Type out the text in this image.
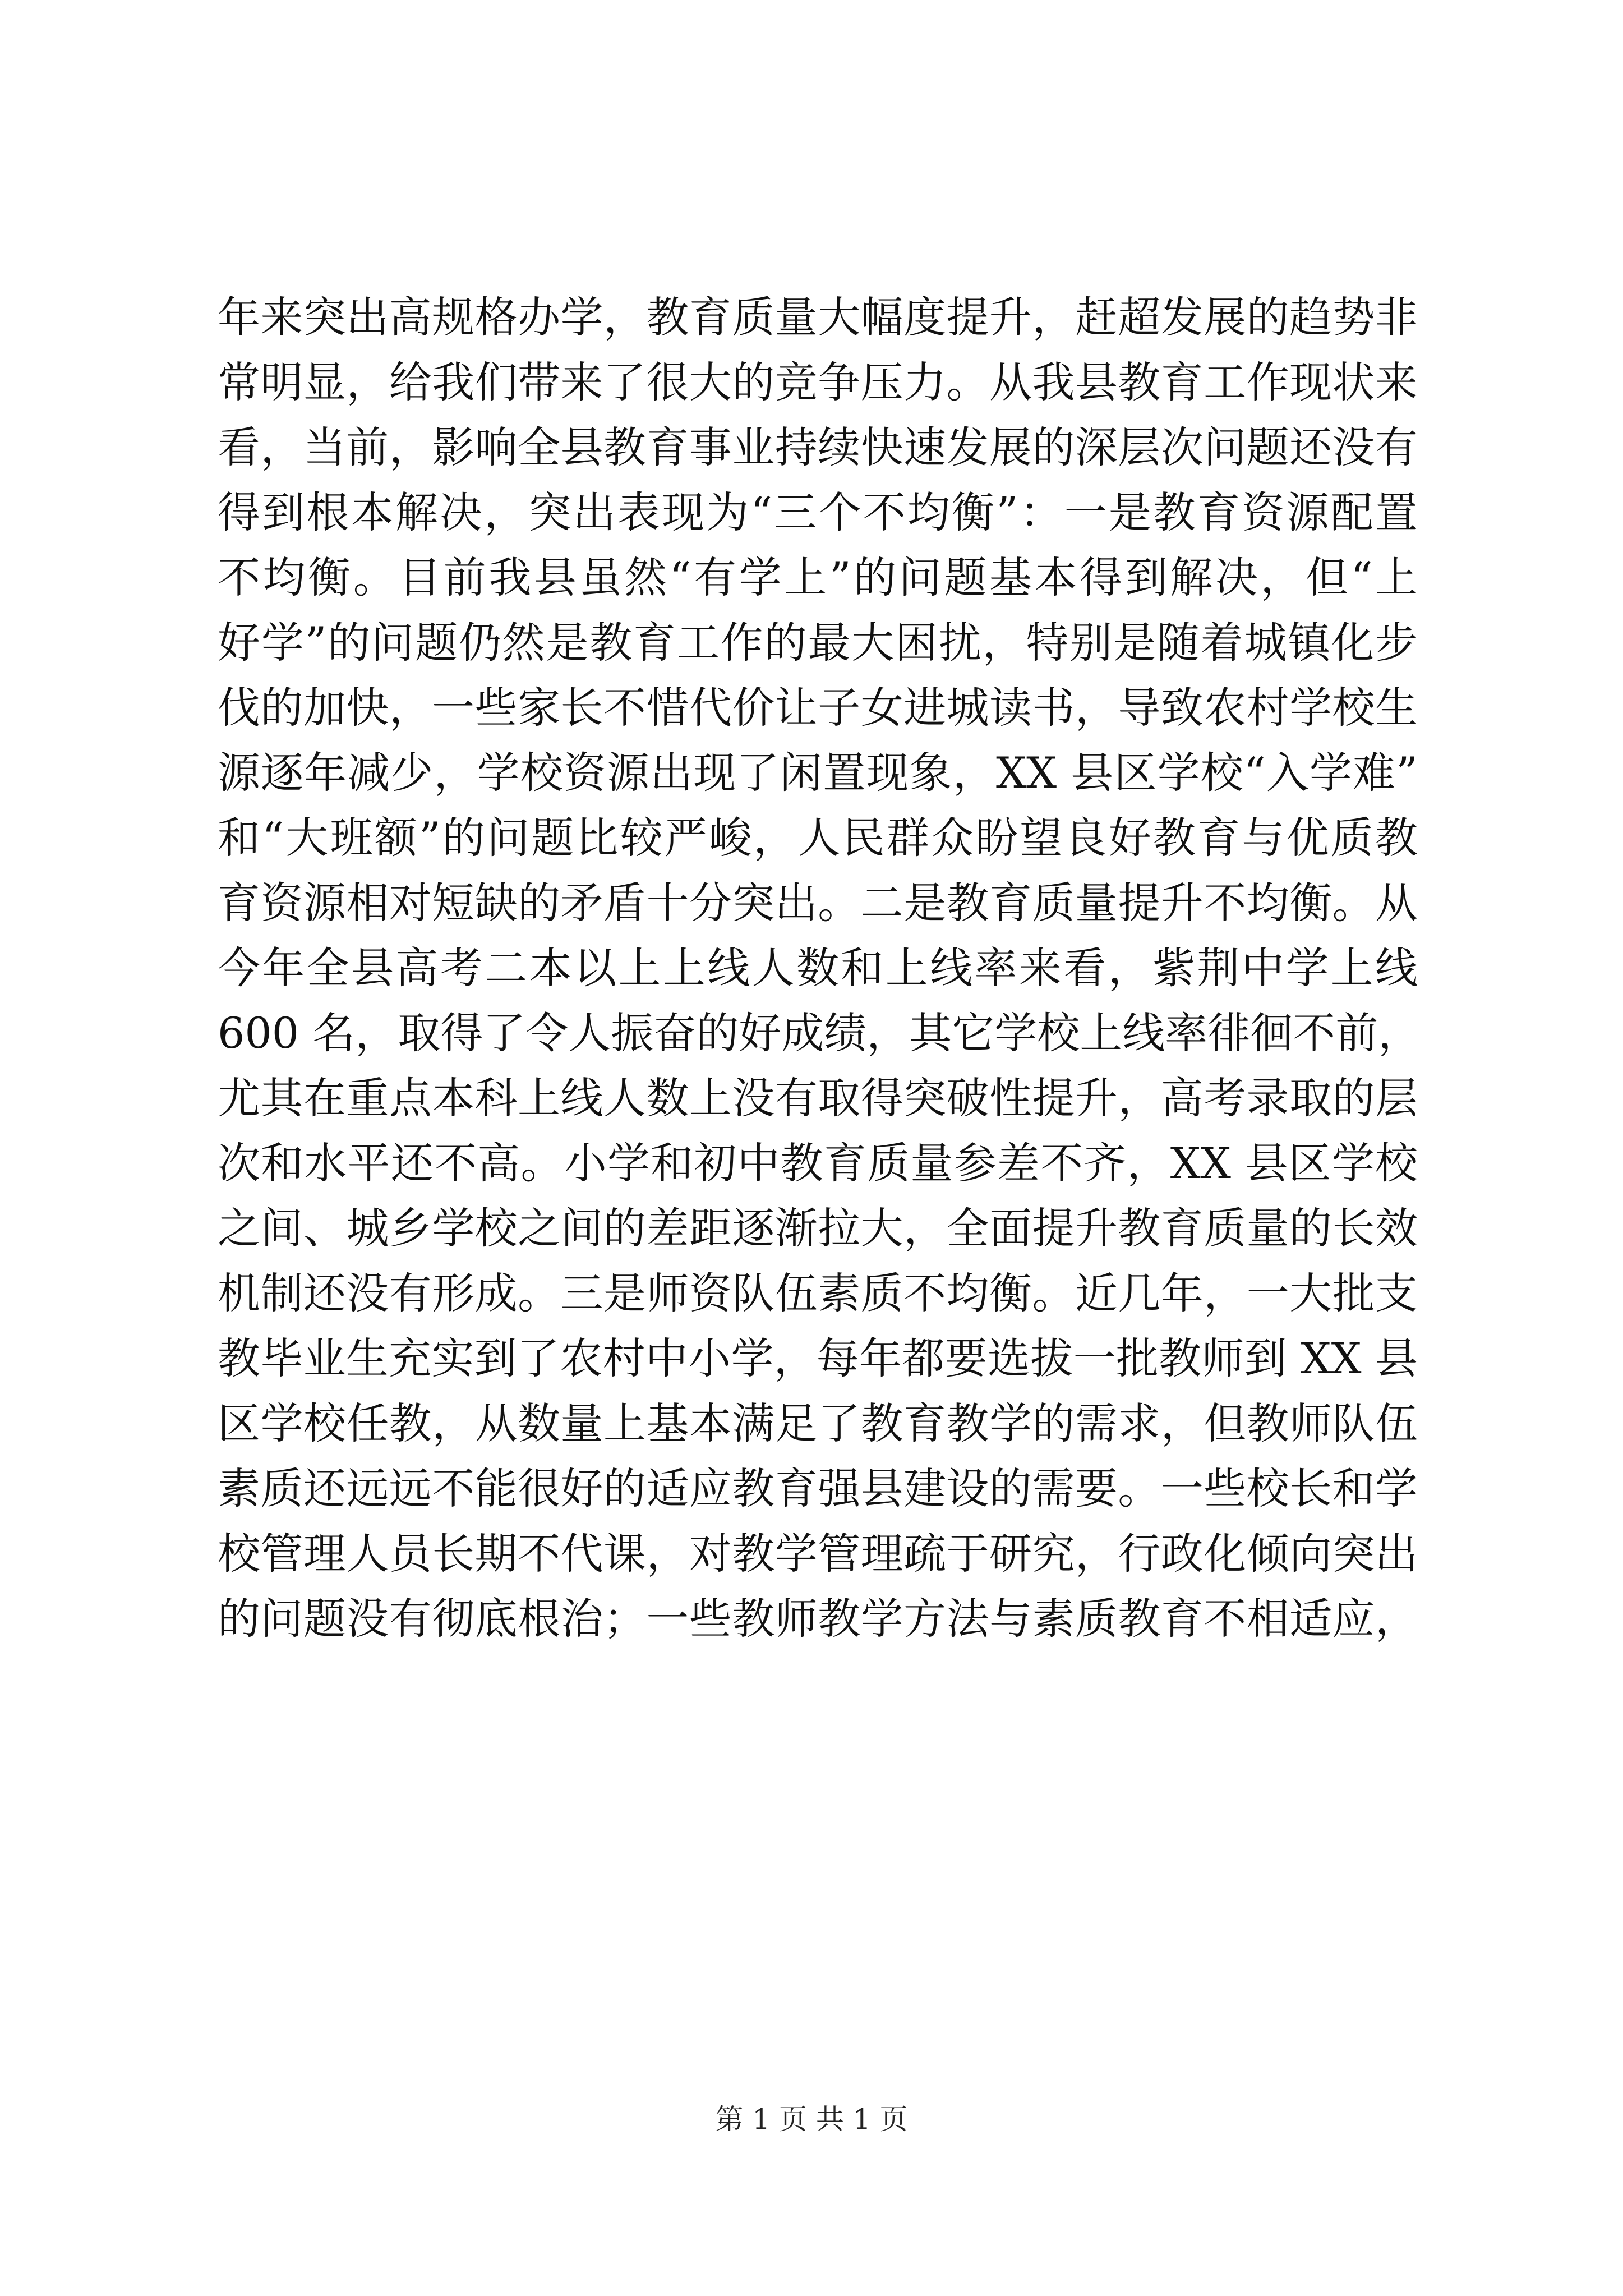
年来突出高规格办学，教育质量大幅度提升，赶超发展的趋势非
常明显，给我们带来了很大的竞争压力。从我县教育工作现状来
看，当前，影响全县教育事业持续快速发展的深层次问题还没有
得到根本解决，突出表现为“三个不均衡”：一是教育资源配置
不均衡。目前我县虽然“有学上”的问题基本得到解决，但“上
好学”的问题仍然是教育工作的最大困扰，特别是随着城镇化步
伐的加快，一些家长不惜代价让子女进城读书，导致农村学校生
源逐年减少，学校资源出现了闲置现象，XX 县区学校“入学难”
和“大班额”的问题比较严峻，人民群众盼望良好教育与优质教
育资源相对短缺的矛盾十分突出。二是教育质量提升不均衡。从
今年全县高考二本以上上线人数和上线率来看，紫荆中学上线
600 名，取得了令人振奋的好成绩，其它学校上线率徘徊不前，
尤其在重点本科上线人数上没有取得突破性提升，高考录取的层
次和水平还不高。小学和初中教育质量参差不齐，XX 县区学校
之间、城乡学校之间的差距逐渐拉大，全面提升教育质量的长效
机制还没有形成。三是师资队伍素质不均衡。近几年，一大批支
教毕业生充实到了农村中小学，每年都要选拔一批教师到 XX 县
区学校任教，从数量上基本满足了教育教学的需求，但教师队伍
素质还远远不能很好的适应教育强县建设的需要。一些校长和学
校管理人员长期不代课，对教学管理疏于研究，行政化倾向突出
的问题没有彻底根治；一些教师教学方法与素质教育不相适应，
第 1 页 共 1 页
